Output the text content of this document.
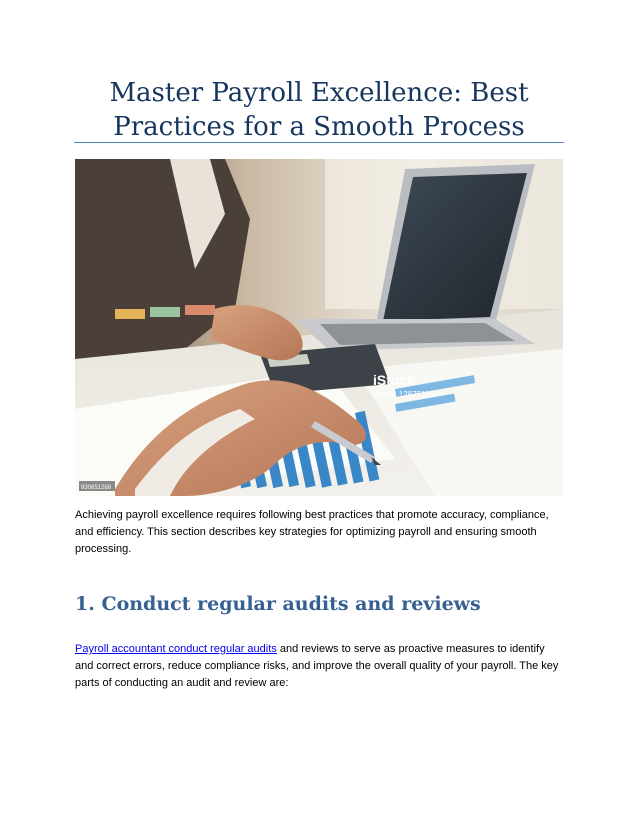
Master Payroll Excellence: Best Practices for a Smooth Process
iStock
Credit: 12875116
930651288

Achieving payroll excellence requires following best practices that promote accuracy, compliance, and efficiency. This section describes key strategies for optimizing payroll and ensuring smooth processing.

1. Conduct regular audits and reviews

Payroll accountant conduct regular audits and reviews to serve as proactive measures to identify and correct errors, reduce compliance risks, and improve the overall quality of your payroll. The key parts of conducting an audit and review are:
